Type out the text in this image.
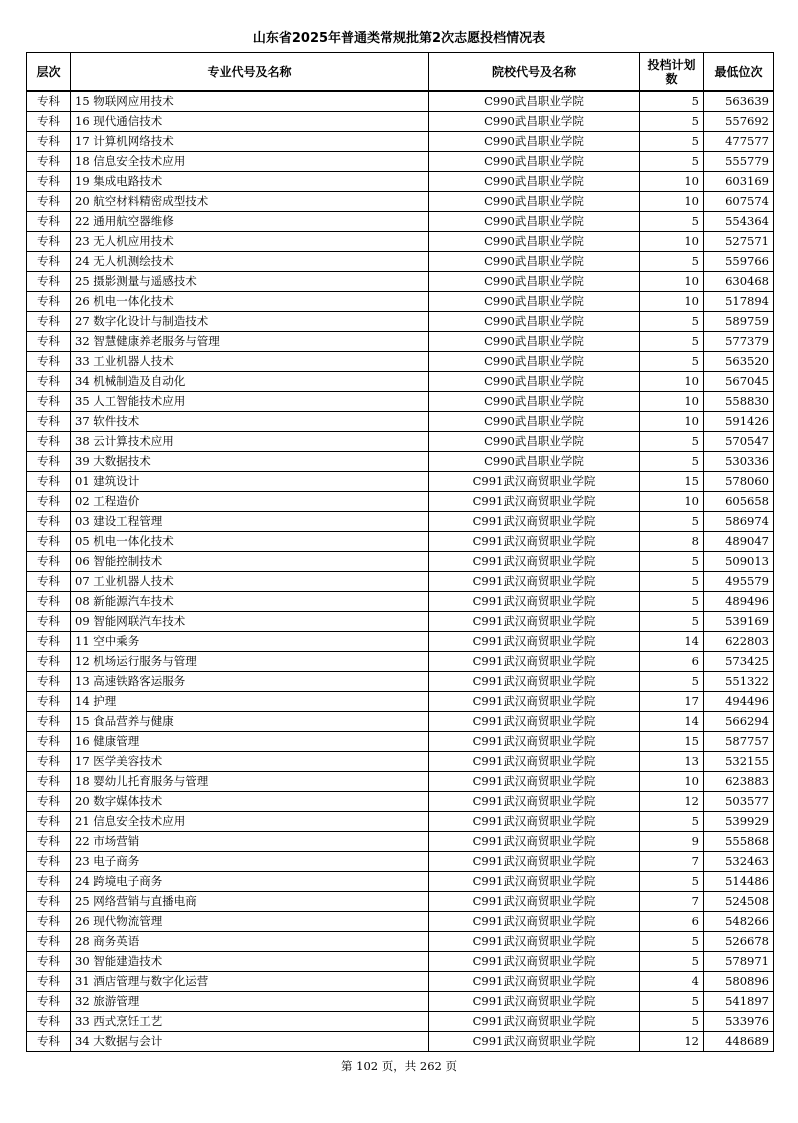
山东省2025年普通类常规批第2次志愿投档情况表
层次	专业代号及名称	院校代号及名称	投档计划数	最低位次
专科	15 物联网应用技术	C990武昌职业学院	5	563639
专科	16 现代通信技术	C990武昌职业学院	5	557692
专科	17 计算机网络技术	C990武昌职业学院	5	477577
专科	18 信息安全技术应用	C990武昌职业学院	5	555779
专科	19 集成电路技术	C990武昌职业学院	10	603169
专科	20 航空材料精密成型技术	C990武昌职业学院	10	607574
专科	22 通用航空器维修	C990武昌职业学院	5	554364
专科	23 无人机应用技术	C990武昌职业学院	10	527571
专科	24 无人机测绘技术	C990武昌职业学院	5	559766
专科	25 摄影测量与遥感技术	C990武昌职业学院	10	630468
专科	26 机电一体化技术	C990武昌职业学院	10	517894
专科	27 数字化设计与制造技术	C990武昌职业学院	5	589759
专科	32 智慧健康养老服务与管理	C990武昌职业学院	5	577379
专科	33 工业机器人技术	C990武昌职业学院	5	563520
专科	34 机械制造及自动化	C990武昌职业学院	10	567045
专科	35 人工智能技术应用	C990武昌职业学院	10	558830
专科	37 软件技术	C990武昌职业学院	10	591426
专科	38 云计算技术应用	C990武昌职业学院	5	570547
专科	39 大数据技术	C990武昌职业学院	5	530336
专科	01 建筑设计	C991武汉商贸职业学院	15	578060
专科	02 工程造价	C991武汉商贸职业学院	10	605658
专科	03 建设工程管理	C991武汉商贸职业学院	5	586974
专科	05 机电一体化技术	C991武汉商贸职业学院	8	489047
专科	06 智能控制技术	C991武汉商贸职业学院	5	509013
专科	07 工业机器人技术	C991武汉商贸职业学院	5	495579
专科	08 新能源汽车技术	C991武汉商贸职业学院	5	489496
专科	09 智能网联汽车技术	C991武汉商贸职业学院	5	539169
专科	11 空中乘务	C991武汉商贸职业学院	14	622803
专科	12 机场运行服务与管理	C991武汉商贸职业学院	6	573425
专科	13 高速铁路客运服务	C991武汉商贸职业学院	5	551322
专科	14 护理	C991武汉商贸职业学院	17	494496
专科	15 食品营养与健康	C991武汉商贸职业学院	14	566294
专科	16 健康管理	C991武汉商贸职业学院	15	587757
专科	17 医学美容技术	C991武汉商贸职业学院	13	532155
专科	18 婴幼儿托育服务与管理	C991武汉商贸职业学院	10	623883
专科	20 数字媒体技术	C991武汉商贸职业学院	12	503577
专科	21 信息安全技术应用	C991武汉商贸职业学院	5	539929
专科	22 市场营销	C991武汉商贸职业学院	9	555868
专科	23 电子商务	C991武汉商贸职业学院	7	532463
专科	24 跨境电子商务	C991武汉商贸职业学院	5	514486
专科	25 网络营销与直播电商	C991武汉商贸职业学院	7	524508
专科	26 现代物流管理	C991武汉商贸职业学院	6	548266
专科	28 商务英语	C991武汉商贸职业学院	5	526678
专科	30 智能建造技术	C991武汉商贸职业学院	5	578971
专科	31 酒店管理与数字化运营	C991武汉商贸职业学院	4	580896
专科	32 旅游管理	C991武汉商贸职业学院	5	541897
专科	33 西式烹饪工艺	C991武汉商贸职业学院	5	533976
专科	34 大数据与会计	C991武汉商贸职业学院	12	448689
第 102 页，共 262 页
